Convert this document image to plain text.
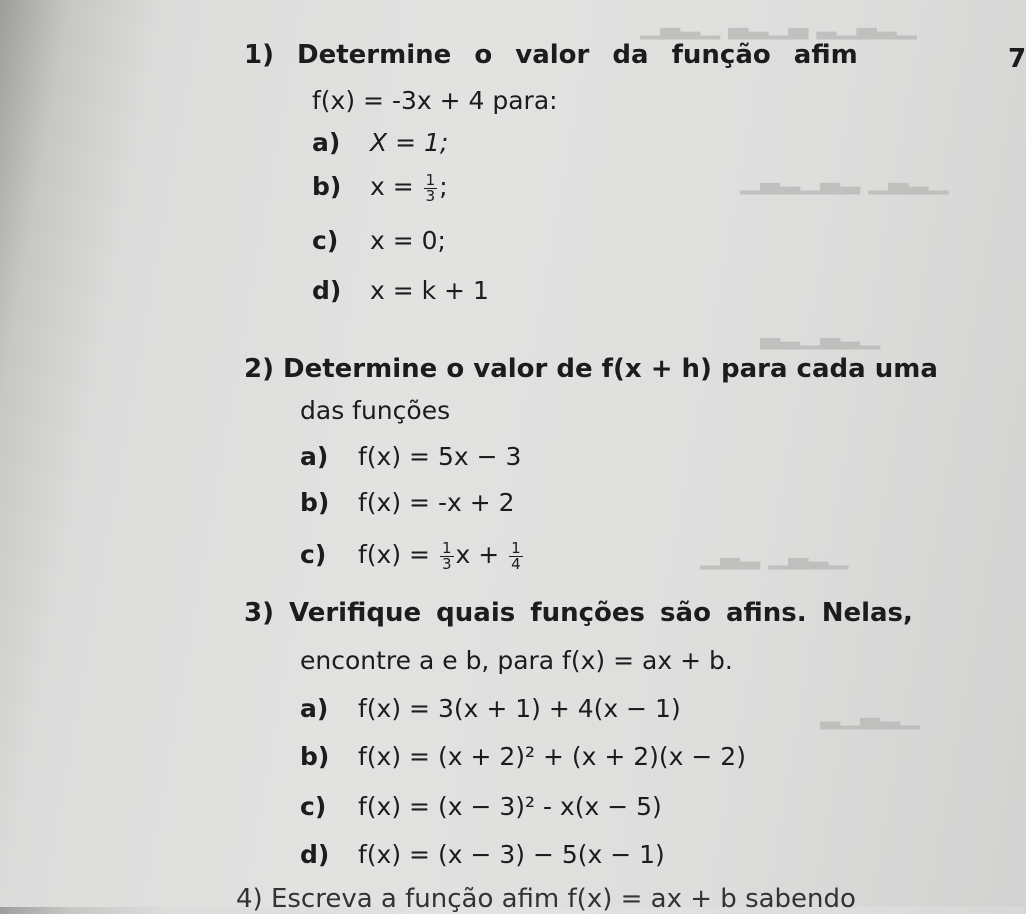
▁▂▃▁▂ ▃▁▂▃ ▁▂▃▁
▁▂▃▁ ▂▃▁▂▃▁
▁▂▃▁▂▃
▁▂▃▁ ▂▃▁
▁▂▃▁▂
7
1) Determine o valor da função afim
f(x) = -3x + 4 para:
a) X = 1;
b) $x = \frac{1}{3}$ ;
c) x = 0;
d) x = k + 1
2) Determine o valor de f(x + h) para cada uma
das funções
a) f(x) = 5x − 3
b) f(x) = -x + 2
c) $f(x) = \frac{1}{3}$ $x + \frac{1}{4}$
3) Verifique quais funções são afins. Nelas,
encontre a e b, para f(x) = ax + b.
a) f(x) = 3(x + 1) + 4(x − 1)
b) f(x) = (x + 2)² + (x + 2)(x − 2)
c) f(x) = (x − 3)² - x(x − 5)
d) f(x) = (x − 3) − 5(x − 1)
4) Escreva a função afim f(x) = ax + b sabendo
